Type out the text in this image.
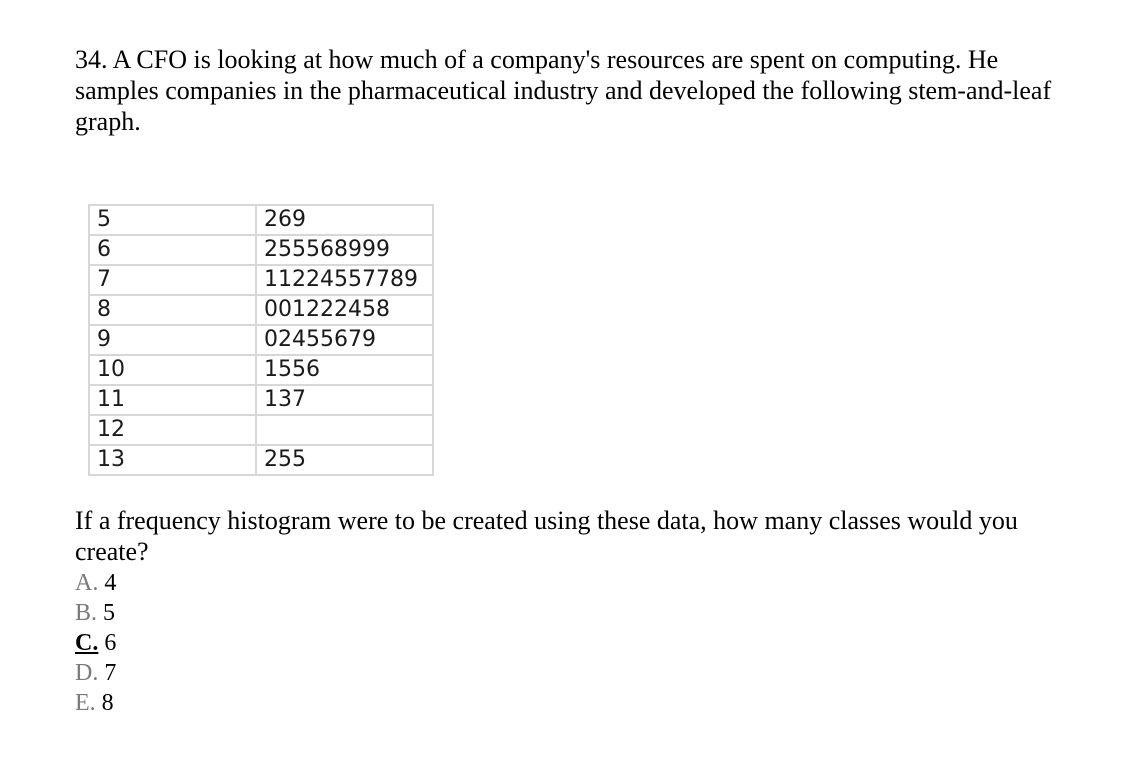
34. A CFO is looking at how much of a company's resources are spent on computing. He samples companies in the pharmaceutical industry and developed the following stem-and-leaf graph.

5	269
6	255568999
7	11224557789
8	001222458
9	02455679
10	1556
11	137
12	
13	255

If a frequency histogram were to be created using these data, how many classes would you create?

A. 4
B. 5
C. 6
D. 7
E. 8
